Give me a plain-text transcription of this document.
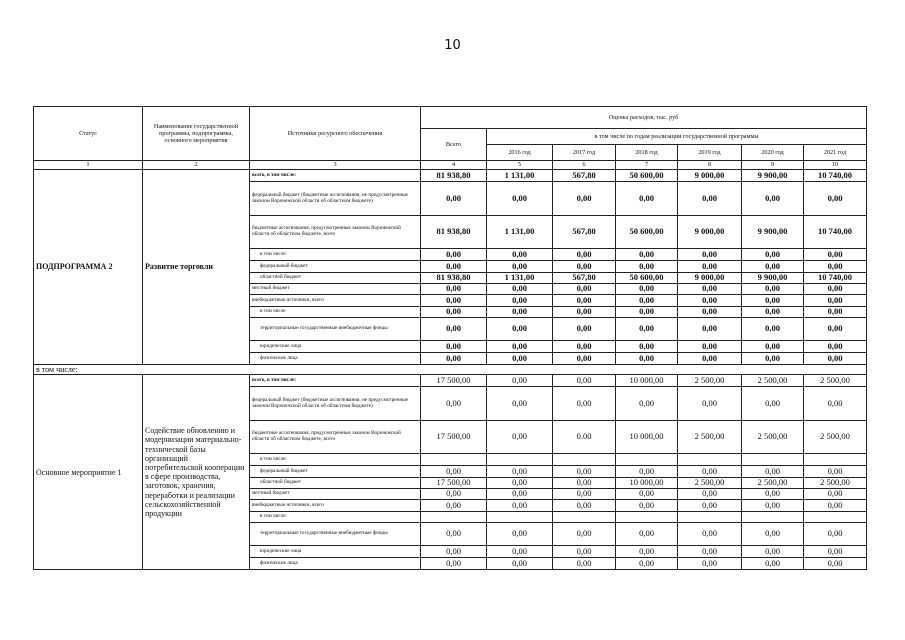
10
Статус	Наименование государственной программы, подпрограммы, основного мероприятия	Источники ресурсного обеспечения	Оценка расходов, тыс. руб						
			Всего	в том числе по годам реализации государственной программы					
				2016 год	2017 год	2018 год	2019 год	2020 год	2021 год
1	2	3	4	5	6	7	8	9	10
ПОДПРОГРАММА 2	Развитие торговли	всего, в том числе:	81 938,80	1 131,00	567,80	50 600,00	9 000,00	9 900,00	10 740,00
		федеральный бюджет (бюджетные ассигнования, не предусмотренные законом Воронежской области об областном бюджете)	0,00	0,00	0,00	0,00	0,00	0,00	0,00
		бюджетные ассигнования, предусмотренные законом Воронежской области об областном бюджете, всего	81 938,80	1 131,00	567,80	50 600,00	9 000,00	9 900,00	10 740,00
		в том числе:	0,00	0,00	0,00	0,00	0,00	0,00	0,00
		федеральный бюджет	0,00	0,00	0,00	0,00	0,00	0,00	0,00
		областной бюджет	81 938,80	1 131,00	567,80	50 600,00	9 000,00	9 900,00	10 740,00
		местный бюджет	0,00	0,00	0,00	0,00	0,00	0,00	0,00
		внебюджетные источники, всего	0,00	0,00	0,00	0,00	0,00	0,00	0,00
		в том числе	0,00	0,00	0,00	0,00	0,00	0,00	0,00
		территориальные государственные внебюджетные фонды	0,00	0,00	0,00	0,00	0,00	0,00	0,00
		юридические лица	0,00	0,00	0,00	0,00	0,00	0,00	0,00
		физические лица	0,00	0,00	0,00	0,00	0,00	0,00	0,00
в том числе:									
Основное мероприятие 1	Содействие обновлению и модернизации материально-технической базы организаций потребительской кооперации в сфере производства, заготовок, хранения, переработки и реализации сельскохозяйственной продукции	всего, в том числе:	17 500,00	0,00	0,00	10 000,00	2 500,00	2 500,00	2 500,00
		федеральный бюджет (бюджетные ассигнования, не предусмотренные законом Воронежской области об областном бюджете)	0,00	0,00	0,00	0,00	0,00	0,00	0,00
		бюджетные ассигнования, предусмотренные законом Воронежской области об областном бюджете, всего	17 500,00	0,00	0.00	10 000,00	2 500,00	2 500,00	2 500,00
		в том числе:							
		федеральный бюджет	0,00	0,00	0,00	0,00	0,00	0,00	0,00
		областной бюджет	17 500,00	0,00	0,00	10 000,00	2 500,00	2 500,00	2 500,00
		местный бюджет	0,00	0,00	0,00	0,00	0,00	0,00	0,00
		внебюджетные источники, всего	0,00	0,00	0,00	0,00	0,00	0,00	0,00
		в том числе:							
		территориальные государственные внебюджетные фонды	0,00	0,00	0,00	0,00	0,00	0,00	0,00
		юридические лица	0,00	0,00	0,00	0,00	0,00	0,00	0,00
		физические лица	0,00	0,00	0,00	0,00	0,00	0,00	0,00
